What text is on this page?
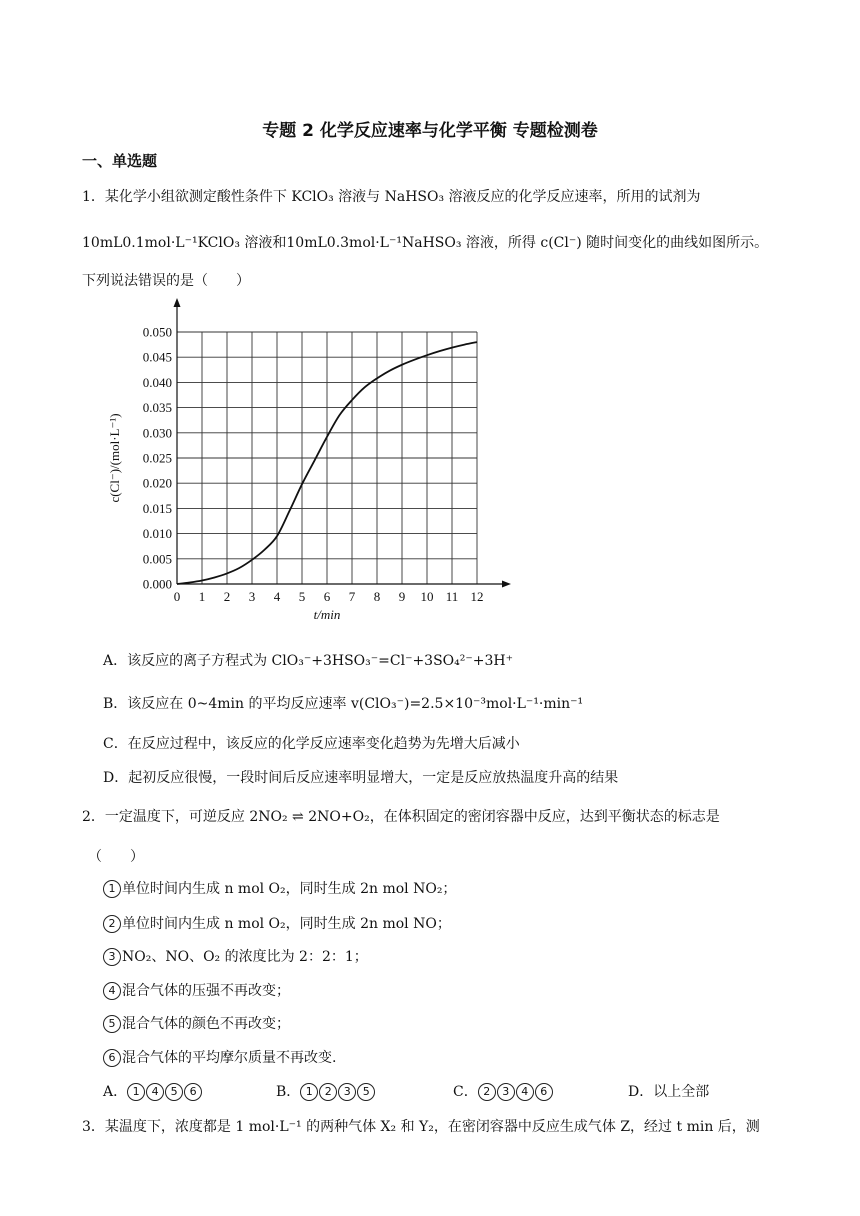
专题 2 化学反应速率与化学平衡 专题检测卷
一、单选题
1．某化学小组欲测定酸性条件下 KClO₃ 溶液与 NaHSO₃ 溶液反应的化学反应速率，所用的试剂为
10mL0.1mol·L⁻¹KClO₃ 溶液和10mL0.3mol·L⁻¹NaHSO₃ 溶液，所得 c(Cl⁻) 随时间变化的曲线如图所示。
下列说法错误的是（　　）
0 1 2 3 4 5 6 7 8 9 10 11 12
0.000
0.005
0.010
0.015
0.020
0.025
0.030
0.035
0.040
0.045
0.050
t/min
c(Cl⁻)/(mol·L⁻¹)
A．该反应的离子方程式为 ClO₃⁻+3HSO₃⁻=Cl⁻+3SO₄²⁻+3H⁺
B．该反应在 0~4min 的平均反应速率 v(ClO₃⁻)=2.5×10⁻³mol·L⁻¹·min⁻¹
C．在反应过程中，该反应的化学反应速率变化趋势为先增大后减小
D．起初反应很慢，一段时间后反应速率明显增大，一定是反应放热温度升高的结果
2．一定温度下，可逆反应 2NO₂ ⇌ 2NO+O₂，在体积固定的密闭容器中反应，达到平衡状态的标志是
（　　）
1 单位时间内生成 n mol O₂，同时生成 2n mol NO₂；
2 单位时间内生成 n mol O₂，同时生成 2n mol NO；
3 NO₂、NO、O₂ 的浓度比为 2：2：1；
4 混合气体的压强不再改变；
5 混合气体的颜色不再改变；
6 混合气体的平均摩尔质量不再改变.
A． 1 4 5 6	B． 1 2 3 5	C． 2 3 4 6	D．以上全部
3．某温度下，浓度都是 1 mol·L⁻¹ 的两种气体 X₂ 和 Y₂，在密闭容器中反应生成气体 Z，经过 t min 后，测
